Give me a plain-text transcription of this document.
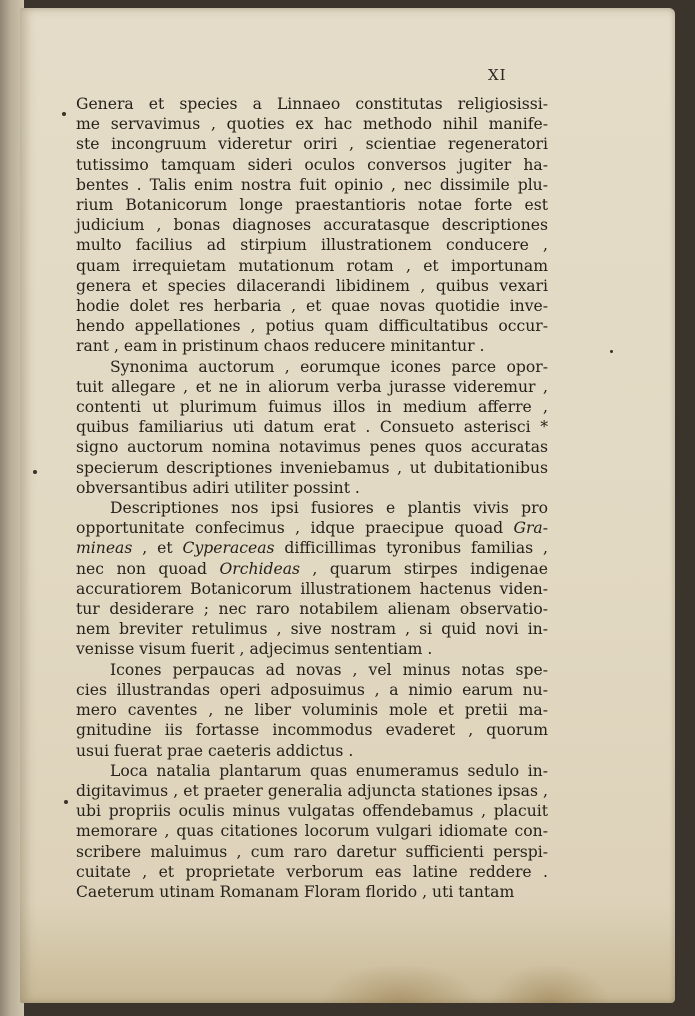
XI
Genera et species a Linnaeo constitutas religiosissi-
me servavimus , quoties ex hac methodo nihil manife-
ste incongruum videretur oriri , scientiae regeneratori
tutissimo tamquam sideri oculos conversos jugiter ha-
bentes . Talis enim nostra fuit opinio , nec dissimile plu-
rium Botanicorum longe praestantioris notae forte est
judicium , bonas diagnoses accuratasque descriptiones
multo facilius ad stirpium illustrationem conducere ,
quam irrequietam mutationum rotam , et importunam
genera et species dilacerandi libidinem , quibus vexari
hodie dolet res herbaria , et quae novas quotidie inve-
hendo appellationes , potius quam difficultatibus occur-
rant , eam in pristinum chaos reducere minitantur .
Synonima auctorum , eorumque icones parce opor-
tuit allegare , et ne in aliorum verba jurasse videremur ,
contenti ut plurimum fuimus illos in medium afferre ,
quibus familiarius uti datum erat . Consueto asterisci *
signo auctorum nomina notavimus penes quos accuratas
specierum descriptiones inveniebamus , ut dubitationibus
obversantibus adiri utiliter possint .
Descriptiones nos ipsi fusiores e plantis vivis pro
opportunitate confecimus , idque praecipue quoad Gra-
mineas , et Cyperaceas difficillimas tyronibus familias ,
nec non quoad Orchideas , quarum stirpes indigenae
accuratiorem Botanicorum illustrationem hactenus viden-
tur desiderare ; nec raro notabilem alienam observatio-
nem breviter retulimus , sive nostram , si quid novi in-
venisse visum fuerit , adjecimus sententiam .
Icones perpaucas ad novas , vel minus notas spe-
cies illustrandas operi adposuimus , a nimio earum nu-
mero caventes , ne liber voluminis mole et pretii ma-
gnitudine iis fortasse incommodus evaderet , quorum
usui fuerat prae caeteris addictus .
Loca natalia plantarum quas enumeramus sedulo in-
digitavimus , et praeter generalia adjuncta stationes ipsas ,
ubi propriis oculis minus vulgatas offendebamus , placuit
memorare , quas citationes locorum vulgari idiomate con-
scribere maluimus , cum raro daretur sufficienti perspi-
cuitate , et proprietate verborum eas latine reddere .
Caeterum utinam Romanam Floram florido , uti tantam
